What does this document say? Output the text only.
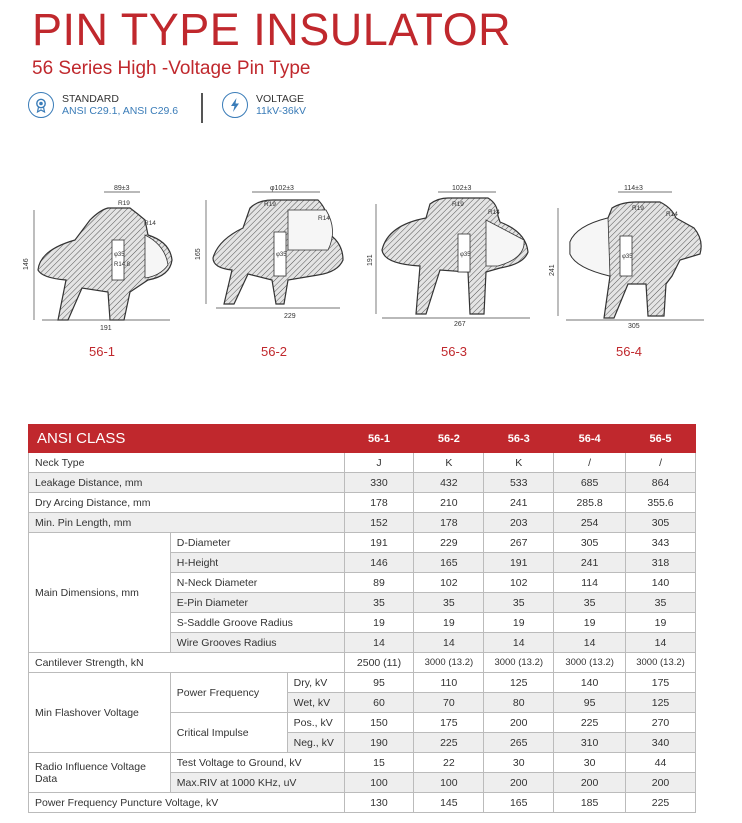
PIN TYPE INSULATOR
56 Series High -Voltage Pin Type
STANDARD
ANSI C29.1, ANSI C29.6
VOLTAGE
11kV-36kV
89±3
146
191
R19
R14
φ35
R14.8
56-1
φ102±3
165
229
R19
R14
φ35
56-2
102±3
191
267
R19
R14
φ35
56-3
114±3
241
305
R19
R14
φ35
56-4
ANSI CLASS			56-1	56-2	56-3	56-4	56-5
Neck Type			J	K	K	/	/
Leakage Distance, mm			330	432	533	685	864
Dry Arcing Distance, mm			178	210	241	285.8	355.6
Min. Pin Length, mm			152	178	203	254	305
Main Dimensions, mm	D-Diameter		191	229	267	305	343
	H-Height		146	165	191	241	318
	N-Neck Diameter		89	102	102	114	140
	E-Pin Diameter		35	35	35	35	35
	S-Saddle Groove Radius		19	19	19	19	19
	Wire Grooves Radius		14	14	14	14	14
Cantilever Strength, kN			2500 (11)	3000 (13.2)	3000 (13.2)	3000 (13.2)	3000 (13.2)
Min Flashover Voltage	Power Frequency	Dry, kV	95	110	125	140	175
		Wet, kV	60	70	80	95	125
	Critical Impulse	Pos., kV	150	175	200	225	270
		Neg., kV	190	225	265	310	340
Radio Influence Voltage Data	Test Voltage to Ground, kV		15	22	30	30	44
	Max.RIV at 1000 KHz, uV		100	100	200	200	200
Power Frequency Puncture Voltage, kV			130	145	165	185	225
